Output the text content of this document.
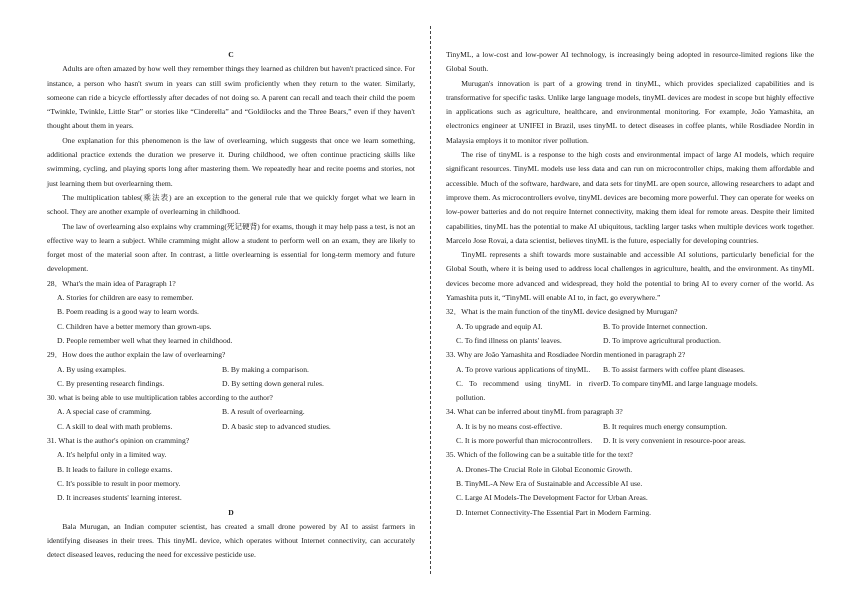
C

Adults are often amazed by how well they remember things they learned as children but haven't practiced since. For instance, a person who hasn't swum in years can still swim proficiently when they return to the water. Similarly, someone can ride a bicycle effortlessly after decades of not doing so. A parent can recall and teach their child the poem “Twinkle, Twinkle, Little Star” or stories like “Cinderella” and “Goldilocks and the Three Bears,” even if they haven't thought about them in years.

One explanation for this phenomenon is the law of overlearning, which suggests that once we learn something, additional practice extends the duration we preserve it. During childhood, we often continue practicing skills like swimming, cycling, and playing sports long after mastering them. We repeatedly hear and recite poems and stories, not just learning them but overlearning them.

The multiplication tables(乘法表) are an exception to the general rule that we quickly forget what we learn in school. They are another example of overlearning in childhood.

The law of overlearning also explains why cramming(死记硬背) for exams, though it may help pass a test, is not an effective way to learn a subject. While cramming might allow a student to perform well on an exam, they are likely to forget most of the material soon after. In contrast, a little overlearning is essential for long-term memory and future development.

28．What's the main idea of Paragraph 1?
A. Stories for children are easy to remember.
B. Poem reading is a good way to learn words.
C. Children have a better memory than grown-ups.
D. People remember well what they learned in childhood.
29．How does the author explain the law of overlearning?
A. By using examples.	B. By making a comparison.
C. By presenting research findings.	D. By setting down general rules.
30. what is being able to use multiplication tables according to the author?
A. A special case of cramming.	B. A result of overlearning.
C. A skill to deal with math problems.	D. A basic step to advanced studies.
31. What is the author's opinion on cramming?
A. It's helpful only in a limited way.
B. It leads to failure in college exams.
C. It's possible to result in poor memory.
D. It increases students' learning interest.
D

Bala Murugan, an Indian computer scientist, has created a small drone powered by AI to assist farmers in identifying diseases in their trees. This tinyML device, which operates without Internet connectivity, can accurately detect diseased leaves, reducing the need for excessive pesticide use.

TinyML, a low-cost and low-power AI technology, is increasingly being adopted in resource-limited regions like the Global South.

Murugan's innovation is part of a growing trend in tinyML, which provides specialized capabilities and is transformative for specific tasks. Unlike large language models, tinyML devices are modest in scope but highly effective in applications such as agriculture, healthcare, and environmental monitoring. For example, João Yamashita, an electronics engineer at UNIFEI in Brazil, uses tinyML to detect diseases in coffee plants, while Rosdiadee Nordin in Malaysia employs it to monitor river pollution.

The rise of tinyML is a response to the high costs and environmental impact of large AI models, which require significant resources. TinyML models use less data and can run on microcontroller chips, making them affordable and accessible. Much of the software, hardware, and data sets for tinyML are open source, allowing researchers to adapt and improve them. As microcontrollers evolve, tinyML devices are becoming more powerful. They can operate for weeks on low-power batteries and do not require Internet connectivity, making them ideal for remote areas. Despite their limited capabilities, tinyML has the potential to make AI ubiquitous, tackling larger tasks when multiple devices work together. Marcelo Jose Rovai, a data scientist, believes tinyML is the future, especially for developing countries.

TinyML represents a shift towards more sustainable and accessible AI solutions, particularly beneficial for the Global South, where it is being used to address local challenges in agriculture, health, and the environment. As tinyML devices become more advanced and widespread, they hold the potential to bring AI to every corner of the world. As Yamashita puts it, “TinyML will enable AI to, in fact, go everywhere.”

32．What is the main function of the tinyML device designed by Murugan?
A. To upgrade and equip AI.	B. To provide Internet connection.
C. To find illness on plants' leaves.	D. To improve agricultural production.
33. Why are João Yamashita and Rosdiadee Nordin mentioned in paragraph 2?
A. To prove various applications of tinyML.	B. To assist farmers with coffee plant diseases.
C. To recommend using tinyML in river pollution.
D. To compare tinyML and large language models.
34. What can be inferred about tinyML from paragraph 3?
A. It is by no means cost-effective.	B. It requires much energy consumption.
C. It is more powerful than microcontrollers.	D. It is very convenient in resource-poor areas.
35. Which of the following can be a suitable title for the text?
A. Drones-The Crucial Role in Global Economic Growth.
B. TinyML-A New Era of Sustainable and Accessible AI use.
C. Large AI Models-The Development Factor for Urban Areas.
D. Internet Connectivity-The Essential Part in Modern Farming.
